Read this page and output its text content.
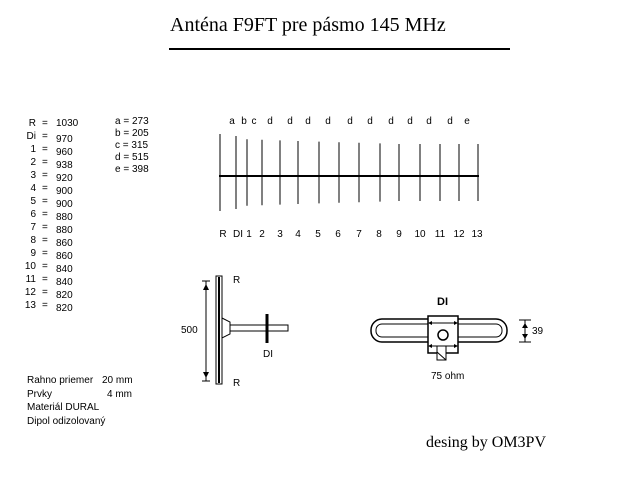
Anténa F9FT pre pásmo 145 MHz
R = 1030
Di = 970
1 = 960
2 = 938
3 = 920
4 = 900
5 = 900
6 = 880
7 = 880
8 = 860
9 = 860
10 = 840
11 = 840
12 = 820
13 = 820
a = 273
b = 205
c = 315
d = 515
e = 398
a b c d d d d d d d d d d e
R DI 1 2 3 4 5 6 7 8 9 10 11 12 13
R
R
500
DI
DI
39
75 ohm
Rahno priemer 20 mm
Prvky	4 mm
Materiál DURAL
Dipol odizolovaný
desing by OM3PV
